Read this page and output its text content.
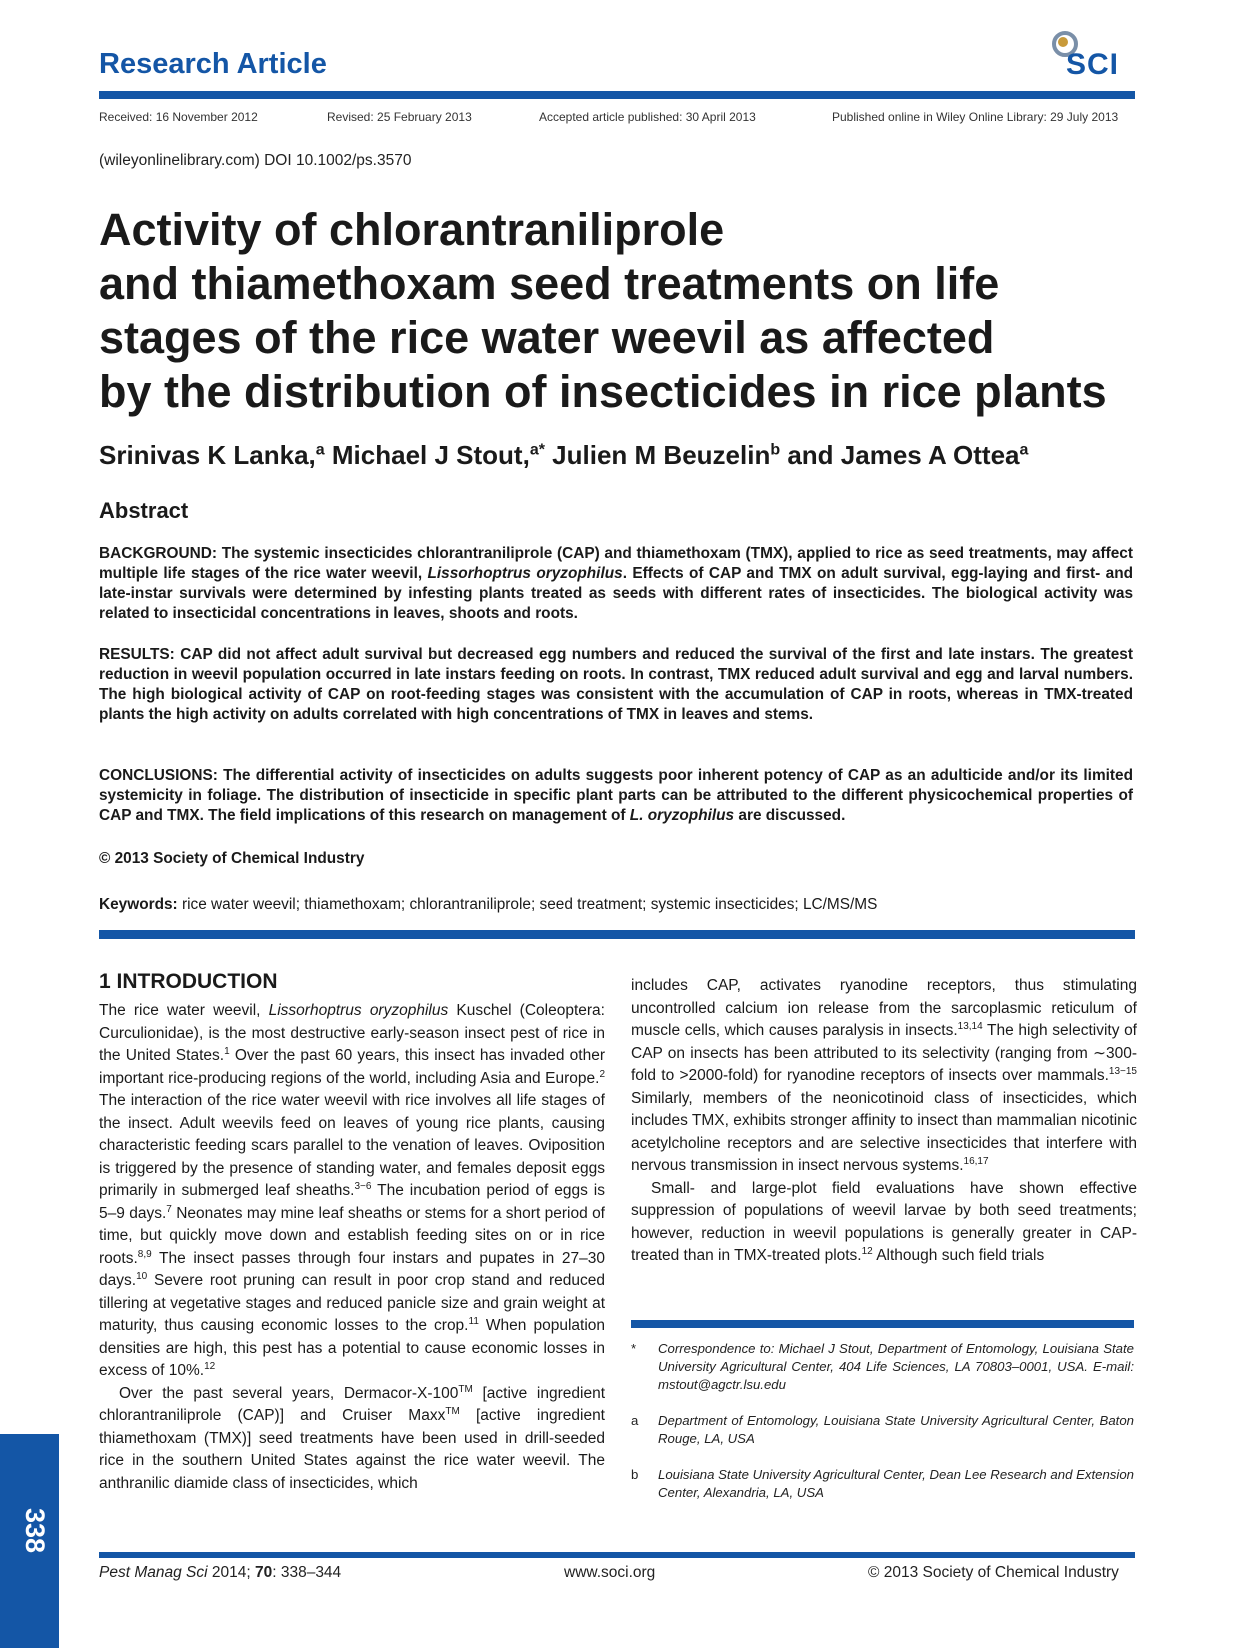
Research Article	SCI
Received: 16 November 2012	Revised: 25 February 2013	Accepted article published: 30 April 2013	Published online in Wiley Online Library: 29 July 2013
(wileyonlinelibrary.com) DOI 10.1002/ps.3570
Activity of chlorantraniliprole
and thiamethoxam seed treatments on life
stages of the rice water weevil as affected
by the distribution of insecticides in rice plants
Srinivas K Lanka,$^a$ Michael J Stout,$^{a*}$ Julien M Beuzelin$^b$ and James A Ottea$^a$
Abstract
BACKGROUND: The systemic insecticides chlorantraniliprole (CAP) and thiamethoxam (TMX), applied to rice as seed treatments, may affect multiple life stages of the rice water weevil, Lissorhoptrus oryzophilus. Effects of CAP and TMX on adult survival, egg-laying and first- and late-instar survivals were determined by infesting plants treated as seeds with different rates of insecticides. The biological activity was related to insecticidal concentrations in leaves, shoots and roots.
RESULTS: CAP did not affect adult survival but decreased egg numbers and reduced the survival of the first and late instars. The greatest reduction in weevil population occurred in late instars feeding on roots. In contrast, TMX reduced adult survival and egg and larval numbers. The high biological activity of CAP on root-feeding stages was consistent with the accumulation of CAP in roots, whereas in TMX-treated plants the high activity on adults correlated with high concentrations of TMX in leaves and stems.
CONCLUSIONS: The differential activity of insecticides on adults suggests poor inherent potency of CAP as an adulticide and/or its limited systemicity in foliage. The distribution of insecticide in specific plant parts can be attributed to the different physicochemical properties of CAP and TMX. The field implications of this research on management of L. oryzophilus are discussed.
© 2013 Society of Chemical Industry
Keywords: rice water weevil; thiamethoxam; chlorantraniliprole; seed treatment; systemic insecticides; LC/MS/MS
1 INTRODUCTION

The rice water weevil, Lissorhoptrus oryzophilus Kuschel (Coleoptera: Curculionidae), is the most destructive early-season insect pest of rice in the United States.$^1$ Over the past 60 years, this insect has invaded other important rice-producing regions of the world, including Asia and Europe.$^2$ The interaction of the rice water weevil with rice involves all life stages of the insect. Adult weevils feed on leaves of young rice plants, causing characteristic feeding scars parallel to the venation of leaves. Oviposition is triggered by the presence of standing water, and females deposit eggs primarily in submerged leaf sheaths.$^{3-6}$ The incubation period of eggs is 5–9 days.$^7$ Neonates may mine leaf sheaths or stems for a short period of time, but quickly move down and establish feeding sites on or in rice roots.$^{8,9}$ The insect passes through four instars and pupates in 27–30 days.$^{10}$ Severe root pruning can result in poor crop stand and reduced tillering at vegetative stages and reduced panicle size and grain weight at maturity, thus causing economic losses to the crop.$^{11}$ When population densities are high, this pest has a potential to cause economic losses in excess of 10%.$^{12}$

Over the past several years, Dermacor-X-100™ [active ingredient chlorantraniliprole (CAP)] and Cruiser Maxx™ [active ingredient thiamethoxam (TMX)] seed treatments have been used in drill-seeded rice in the southern United States against the rice water weevil. The anthranilic diamide class of insecticides, which

includes CAP, activates ryanodine receptors, thus stimulating uncontrolled calcium ion release from the sarcoplasmic reticulum of muscle cells, which causes paralysis in insects.$^{13,14}$ The high selectivity of CAP on insects has been attributed to its selectivity (ranging from ∼300-fold to >2000-fold) for ryanodine receptors of insects over mammals.$^{13-15}$ Similarly, members of the neonicotinoid class of insecticides, which includes TMX, exhibits stronger affinity to insect than mammalian nicotinic acetylcholine receptors and are selective insecticides that interfere with nervous transmission in insect nervous systems.$^{16,17}$

Small- and large-plot field evaluations have shown effective suppression of populations of weevil larvae by both seed treatments; however, reduction in weevil populations is generally greater in CAP-treated than in TMX-treated plots.$^{12}$ Although such field trials

*	Correspondence to: Michael J Stout, Department of Entomology, Louisiana State University Agricultural Center, 404 Life Sciences, LA 70803–0001, USA. E-mail: mstout@agctr.lsu.edu
a	Department of Entomology, Louisiana State University Agricultural Center, Baton Rouge, LA, USA
b	Louisiana State University Agricultural Center, Dean Lee Research and Extension Center, Alexandria, LA, USA
338
Pest Manag Sci 2014; 70: 338–344	www.soci.org	© 2013 Society of Chemical Industry
